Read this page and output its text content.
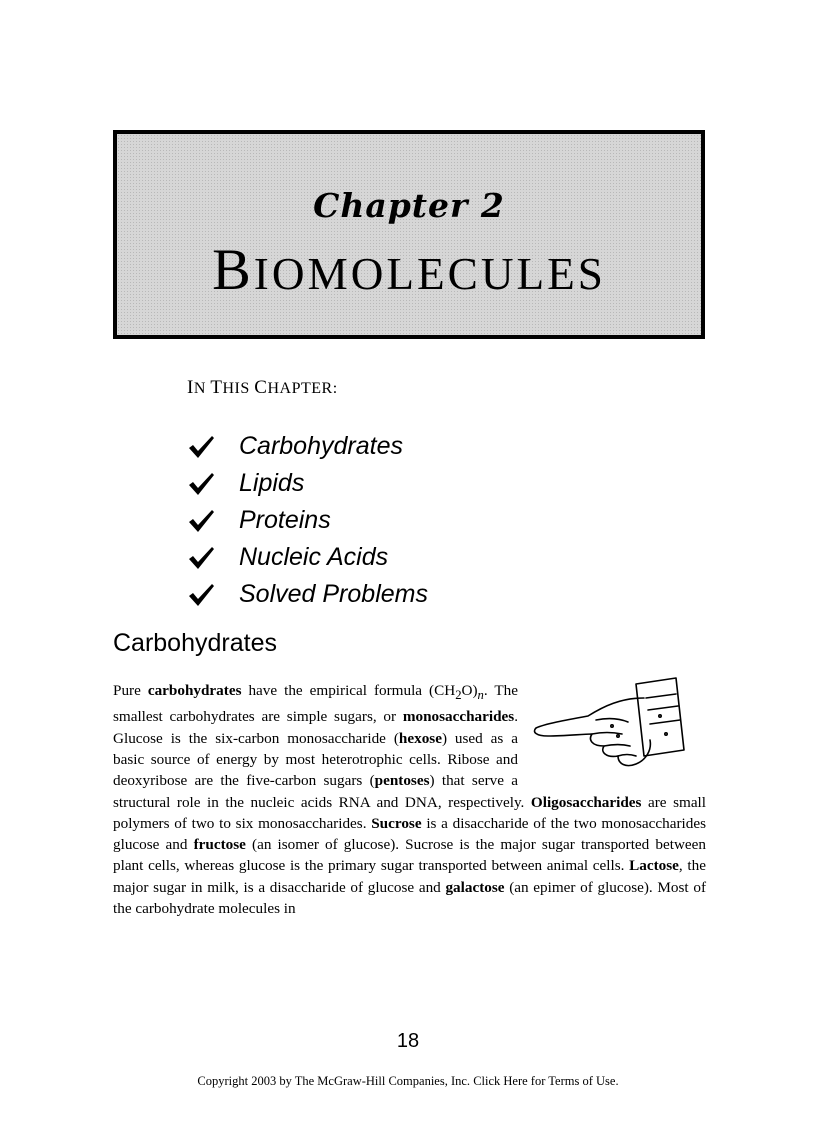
Chapter 2
BIOMOLECULES
IN THIS CHAPTER:
Carbohydrates
Lipids
Proteins
Nucleic Acids
Solved Problems
Carbohydrates

Pure carbohydrates have the empirical formula $(CH_2O)_n$. The smallest carbohydrates are simple sugars, or monosaccharides. Glucose is the six-carbon monosaccharide (hexose) used as a basic source of energy by most heterotrophic cells. Ribose and deoxyribose are the five-carbon sugars (pentoses) that serve a structural role in the nucleic acids RNA and DNA, respectively. Oligosaccharides are small polymers of two to six monosaccharides. Sucrose is a disaccharide of the two monosaccharides glucose and fructose (an isomer of glucose). Sucrose is the major sugar transported between plant cells, whereas glucose is the primary sugar transported between animal cells. Lactose, the major sugar in milk, is a disaccharide of glucose and galactose (an epimer of glucose). Most of the carbohydrate molecules in

18
Copyright 2003 by The McGraw-Hill Companies, Inc. Click Here for Terms of Use.
